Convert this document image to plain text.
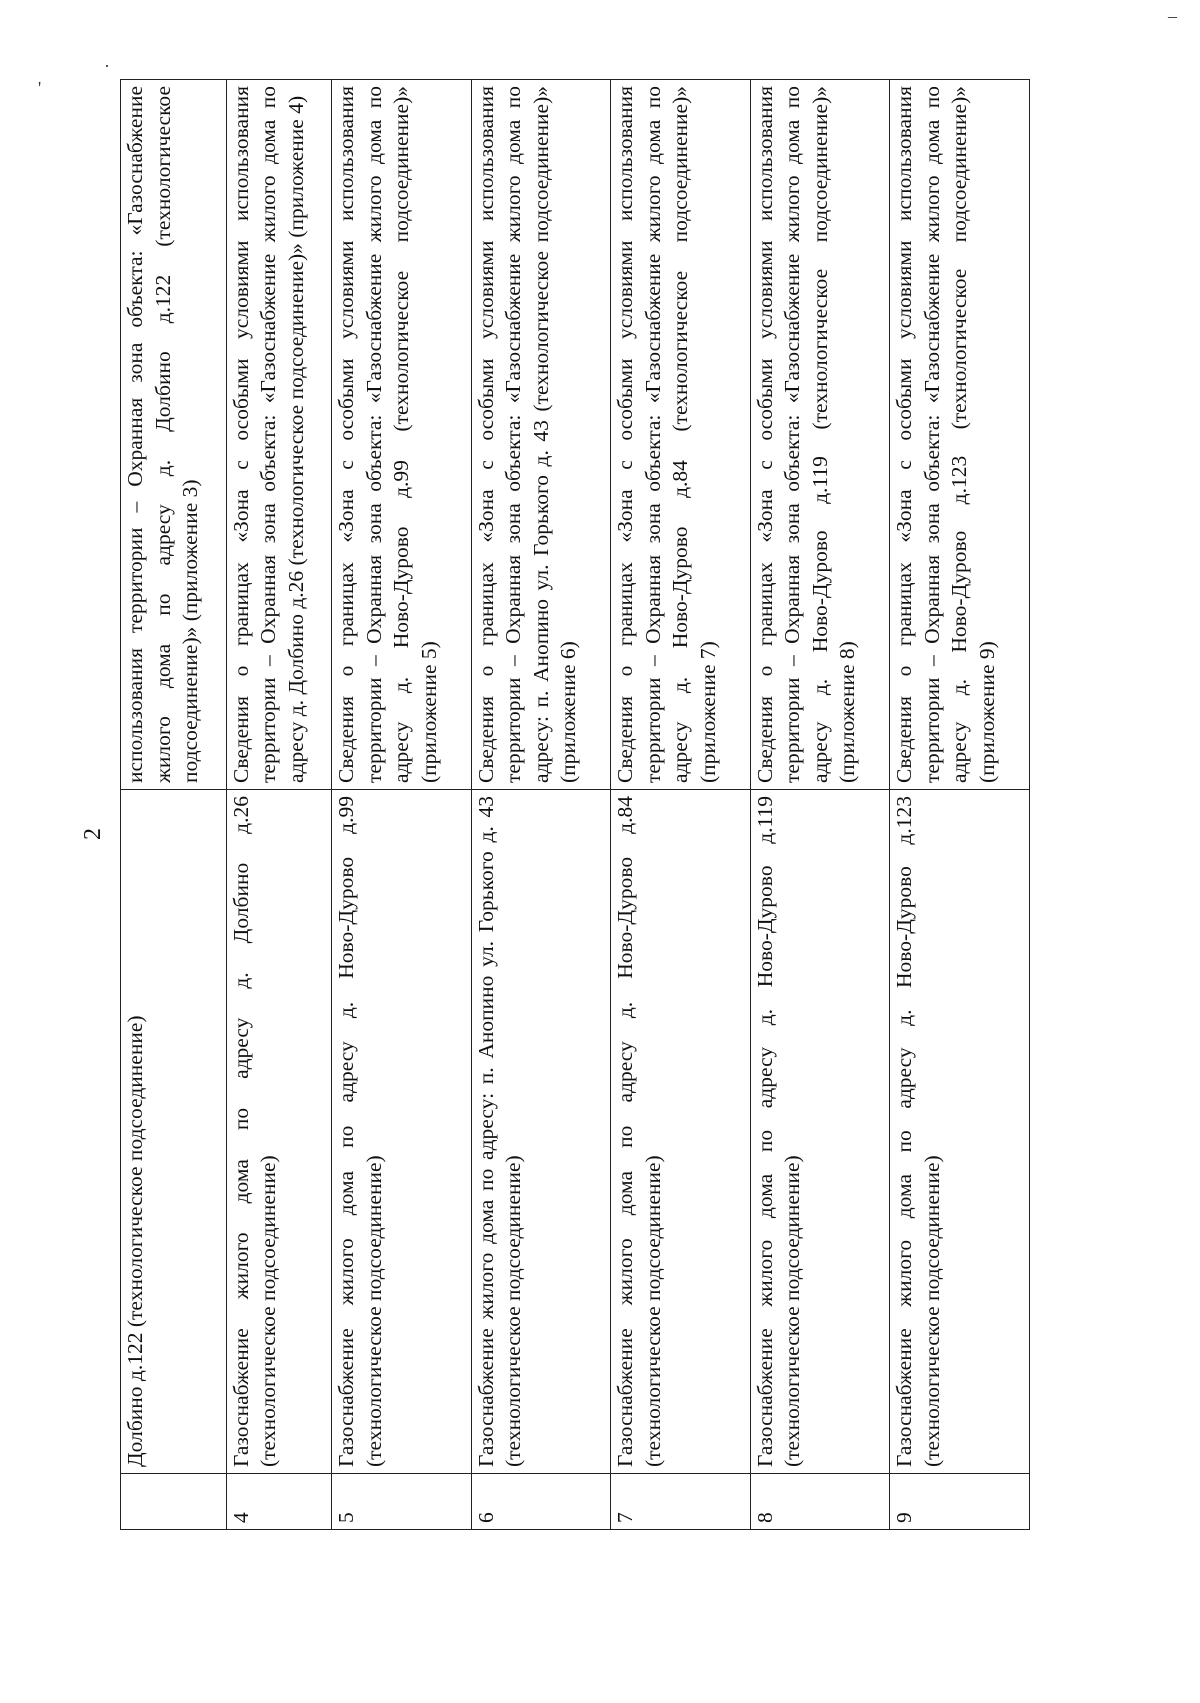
2
'
·
–
	Долбино д.122 (технологическое подсоединение)	использования территории – Охранная зона объекта: «Газоснабжение жилого дома по адресу д. Долбино д.122 (технологическое подсоединение)» (приложение 3)
4	Газоснабжение жилого дома по адресу д. Долбино д.26 (технологическое подсоединение)	Сведения о границах «Зона с особыми условиями использования территории – Охранная зона объекта: «Газоснабжение жилого дома по адресу д. Долбино д.26 (технологическое подсоединение)» (приложение 4)
5	Газоснабжение жилого дома по адресу д. Ново-Дурово д.99 (технологическое подсоединение)	Сведения о границах «Зона с особыми условиями использования территории – Охранная зона объекта: «Газоснабжение жилого дома по адресу д. Ново-Дурово д.99 (технологическое подсоединение)» (приложение 5)
6	Газоснабжение жилого дома по адресу: п. Анопино ул. Горького д. 43 (технологическое подсоединение)	Сведения о границах «Зона с особыми условиями использования территории – Охранная зона объекта: «Газоснабжение жилого дома по адресу: п. Анопино ул. Горького д. 43 (технологическое подсоединение)» (приложение 6)
7	Газоснабжение жилого дома по адресу д. Ново-Дурово д.84 (технологическое подсоединение)	Сведения о границах «Зона с особыми условиями использования территории – Охранная зона объекта: «Газоснабжение жилого дома по адресу д. Ново-Дурово д.84 (технологическое подсоединение)» (приложение 7)
8	Газоснабжение жилого дома по адресу д. Ново-Дурово д.119 (технологическое подсоединение)	Сведения о границах «Зона с особыми условиями использования территории – Охранная зона объекта: «Газоснабжение жилого дома по адресу д. Ново-Дурово д.119 (технологическое подсоединение)» (приложение 8)
9	Газоснабжение жилого дома по адресу д. Ново-Дурово д.123 (технологическое подсоединение)	Сведения о границах «Зона с особыми условиями использования территории – Охранная зона объекта: «Газоснабжение жилого дома по адресу д. Ново-Дурово д.123 (технологическое подсоединение)» (приложение 9)
